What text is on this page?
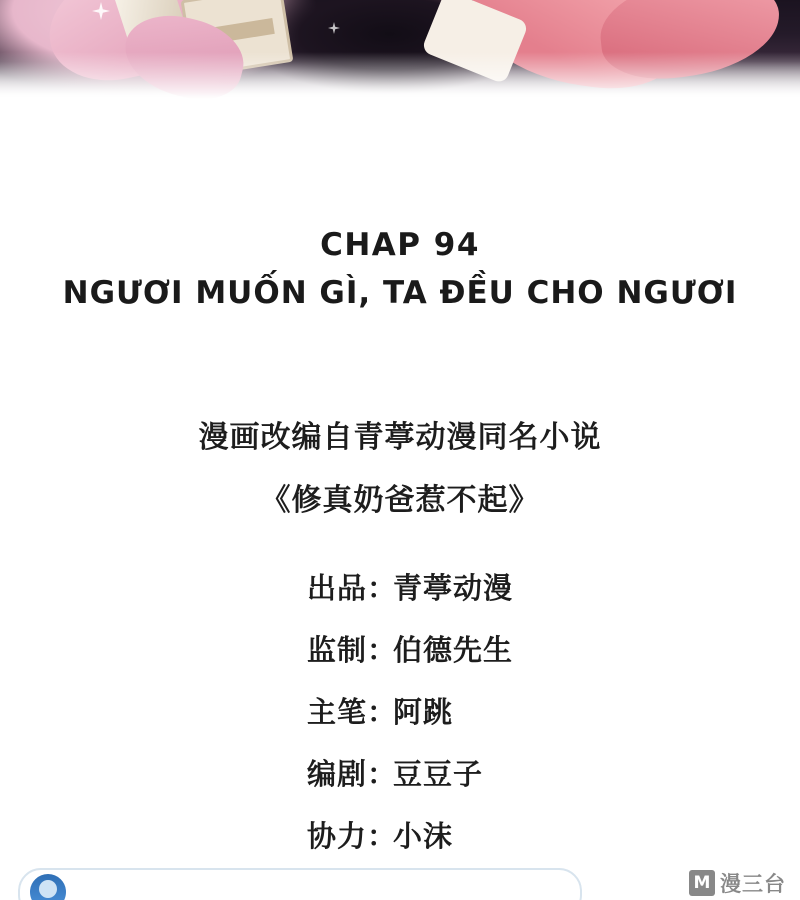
CHAP 94
NGƯƠI MUỐN GÌ, TA ĐỀU CHO NGƯƠI
漫画改编自青葶动漫同名小说
《修真奶爸惹不起》
出品 ：
青葶动漫
监制 ：
伯德先生
主笔 ：
阿跳
编剧 ：
豆豆子
协力 ：
小沫
M 漫三台
